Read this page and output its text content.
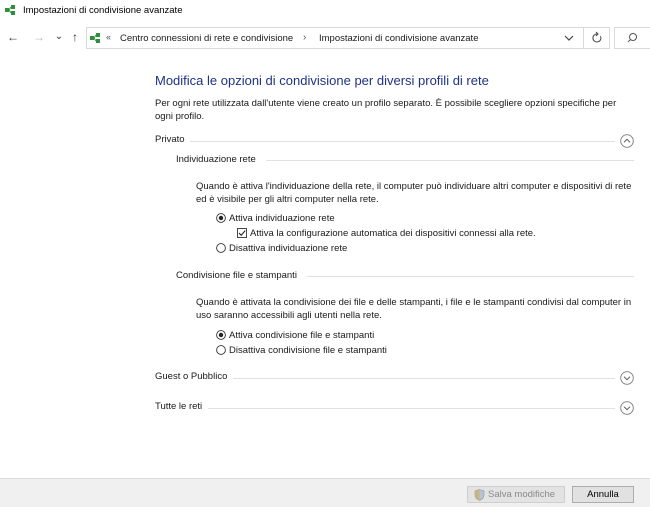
Impostazioni di condivisione avanzate
← → ⌄ ↑	« Centro connessioni di rete e condivisione › Impostazioni di condivisione avanzate
Modifica le opzioni di condivisione per diversi profili di rete
Per ogni rete utilizzata dall'utente viene creato un profilo separato. È possibile scegliere opzioni specifiche per ogni profilo.
Privato
Individuazione rete
Quando è attiva l'individuazione della rete, il computer può individuare altri computer e dispositivi di rete ed è visibile per gli altri computer nella rete.
Attiva individuazione rete
Attiva la configurazione automatica dei dispositivi connessi alla rete.
Disattiva individuazione rete
Condivisione file e stampanti
Quando è attivata la condivisione dei file e delle stampanti, i file e le stampanti condivisi dal computer in uso saranno accessibili agli utenti nella rete.
Attiva condivisione file e stampanti
Disattiva condivisione file e stampanti
Guest o Pubblico
Tutte le reti
Salva modifiche	Annulla
